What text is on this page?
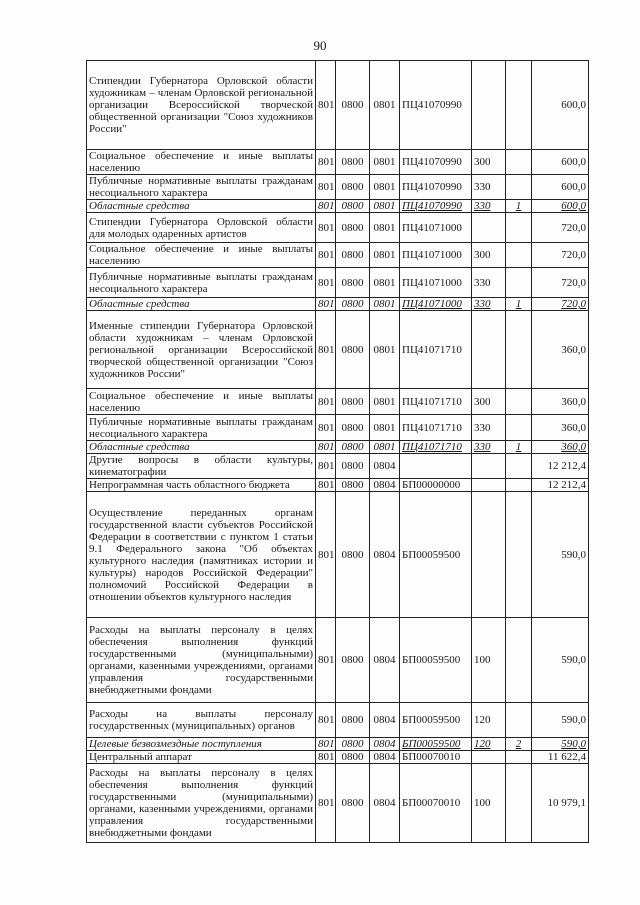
90
Стипендии Губернатора Орловской области художникам – членам Орловской региональной организации Всероссийской творческой общественной организации "Союз художников России"	801	0800	0801	ПЦ41070990			600,0
Социальное обеспечение и иные выплаты населению	801	0800	0801	ПЦ41070990	300		600,0
Публичные нормативные выплаты гражданам несоциального характера	801	0800	0801	ПЦ41070990	330		600,0
Областные средства	801	0800	0801	ПЦ41070990	330	1	600,0
Стипендии Губернатора Орловской области для молодых одаренных артистов	801	0800	0801	ПЦ41071000			720,0
Социальное обеспечение и иные выплаты населению	801	0800	0801	ПЦ41071000	300		720,0
Публичные нормативные выплаты гражданам несоциального характера	801	0800	0801	ПЦ41071000	330		720,0
Областные средства	801	0800	0801	ПЦ41071000	330	1	720,0
Именные стипендии Губернатора Орловской области художникам – членам Орловской региональной организации Всероссийской творческой общественной организации "Союз художников России"	801	0800	0801	ПЦ41071710			360,0
Социальное обеспечение и иные выплаты населению	801	0800	0801	ПЦ41071710	300		360,0
Публичные нормативные выплаты гражданам несоциального характера	801	0800	0801	ПЦ41071710	330		360,0
Областные средства	801	0800	0801	ПЦ41071710	330	1	360,0
Другие вопросы в области культуры, кинематографии	801	0800	0804				12 212,4
Непрограммная часть областного бюджета	801	0800	0804	БП00000000			12 212,4
Осуществление переданных органам государственной власти субъектов Российской Федерации в соответствии с пунктом 1 статьи 9.1 Федерального закона "Об объектах культурного наследия (памятниках истории и культуры) народов Российской Федерации" полномочий Российской Федерации в отношении объектов культурного наследия	801	0800	0804	БП00059500			590,0
Расходы на выплаты персоналу в целях обеспечения выполнения функций государственными (муниципальными) органами, казенными учреждениями, органами управления государственными внебюджетными фондами	801	0800	0804	БП00059500	100		590,0
Расходы на выплаты персоналу государственных (муниципальных) органов	801	0800	0804	БП00059500	120		590,0
Целевые безвозмездные поступления	801	0800	0804	БП00059500	120	2	590,0
Центральный аппарат	801	0800	0804	БП00070010			11 622,4
Расходы на выплаты персоналу в целях обеспечения выполнения функций государственными (муниципальными) органами, казенными учреждениями, органами управления государственными внебюджетными фондами	801	0800	0804	БП00070010	100		10 979,1
